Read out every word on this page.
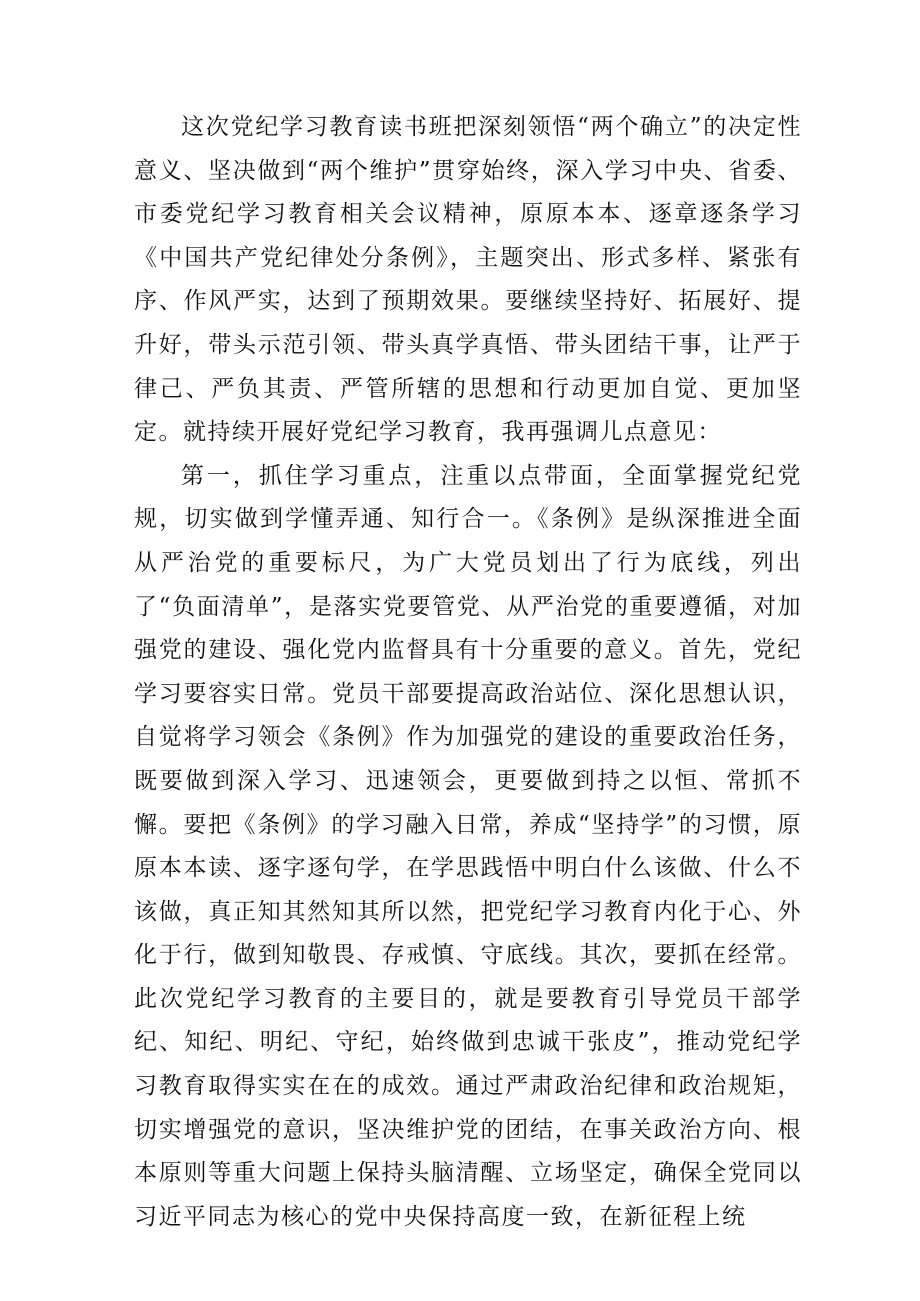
这次党纪学习教育读书班把深刻领悟“两个确立”的决定性意义、坚决做到“两个维护”贯穿始终，深入学习中央、省委、市委党纪学习教育相关会议精神，原原本本、逐章逐条学习《中国共产党纪律处分条例》，主题突出、形式多样、紧张有序、作风严实，达到了预期效果。要继续坚持好、拓展好、提升好，带头示范引领、带头真学真悟、带头团结干事，让严于律己、严负其责、严管所辖的思想和行动更加自觉、更加坚定。就持续开展好党纪学习教育，我再强调儿点意见：

第一，抓住学习重点，注重以点带面，全面掌握党纪党规，切实做到学懂弄通、知行合一。《条例》是纵深推进全面从严治党的重要标尺，为广大党员划出了行为底线，列出了“负面清单”，是落实党要管党、从严治党的重要遵循，对加强党的建设、强化党内监督具有十分重要的意义。首先，党纪学习要容实日常。党员干部要提高政治站位、深化思想认识，自觉将学习领会《条例》作为加强党的建设的重要政治任务，既要做到深入学习、迅速领会，更要做到持之以恒、常抓不懈。要把《条例》的学习融入日常，养成“坚持学”的习惯，原原本本读、逐字逐句学，在学思践悟中明白什么该做、什么不该做，真正知其然知其所以然，把党纪学习教育内化于心、外化于行，做到知敬畏、存戒慎、守底线。其次，要抓在经常。此次党纪学习教育的主要目的，就是要教育引导党员干部学纪、知纪、明纪、守纪，始终做到忠诚干张皮”，推动党纪学习教育取得实实在在的成效。通过严肃政治纪律和政治规矩，切实增强党的意识，坚决维护党的团结，在事关政治方向、根本原则等重大问题上保持头脑清醒、立场坚定，确保全党同以习近平同志为核心的党中央保持高度一致，在新征程上统
